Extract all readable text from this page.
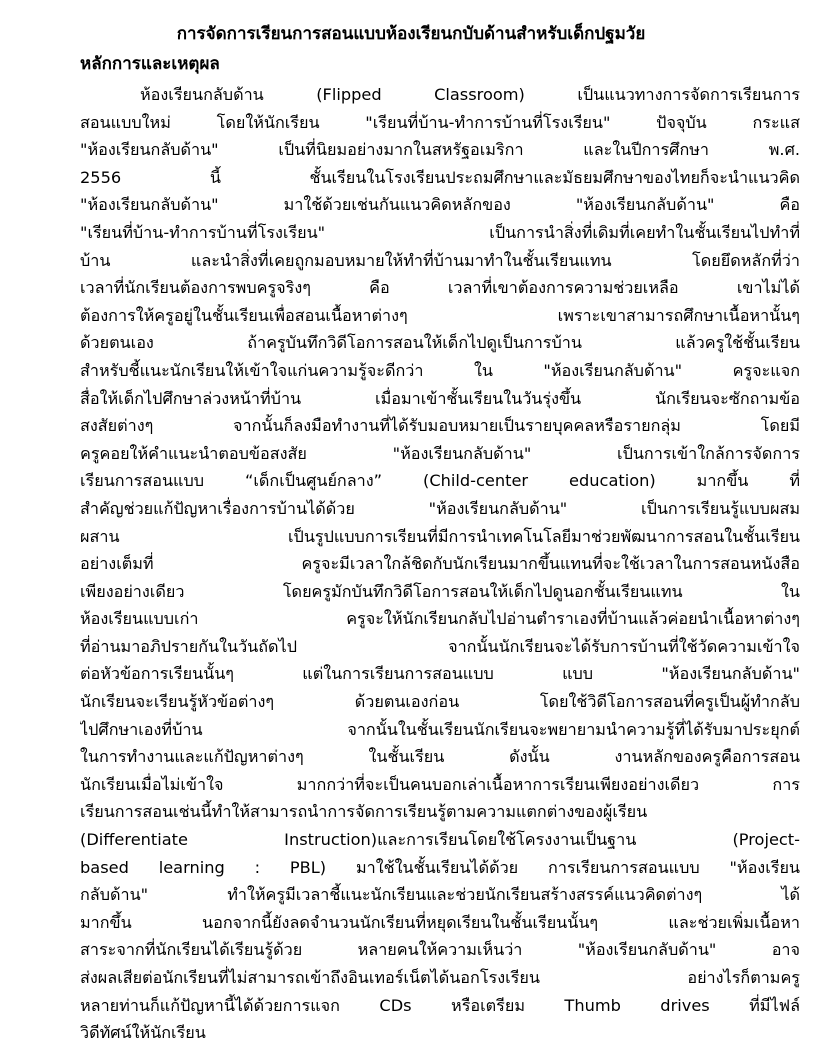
การจัดการเรียนการสอนแบบห้องเรียนกบับด้านสำหรับเด็กปฐมวัย
หลักการและเหตุผล
ห้องเรียนกลับด้าน (Flipped Classroom) เป็นแนวทางการจัดการเรียนการ
สอนแบบใหม่ โดยให้นักเรียน "เรียนที่บ้าน-ทำการบ้านที่โรงเรียน" ปัจจุบัน กระแส
"ห้องเรียนกลับด้าน" เป็นที่นิยมอย่างมากในสหรัฐอเมริกา และในปีการศึกษา พ.ศ.
2556 นี้ ชั้นเรียนในโรงเรียนประถมศึกษาและมัธยมศึกษาของไทยก็จะนำแนวคิด
"ห้องเรียนกลับด้าน" มาใช้ด้วยเช่นกันแนวคิดหลักของ "ห้องเรียนกลับด้าน" คือ
"เรียนที่บ้าน-ทำการบ้านที่โรงเรียน" เป็นการนำสิ่งที่เดิมที่เคยทำในชั้นเรียนไปทำที่
บ้าน และนำสิ่งที่เคยถูกมอบหมายให้ทำที่บ้านมาทำในชั้นเรียนแทน โดยยึดหลักที่ว่า
เวลาที่นักเรียนต้องการพบครูจริงๆ คือ เวลาที่เขาต้องการความช่วยเหลือ เขาไม่ได้
ต้องการให้ครูอยู่ในชั้นเรียนเพื่อสอนเนื้อหาต่างๆ เพราะเขาสามารถศึกษาเนื้อหานั้นๆ
ด้วยตนเอง ถ้าครูบันทึกวิดีโอการสอนให้เด็กไปดูเป็นการบ้าน แล้วครูใช้ชั้นเรียน
สำหรับชี้แนะนักเรียนให้เข้าใจแก่นความรู้จะดีกว่า ใน "ห้องเรียนกลับด้าน" ครูจะแจก
สื่อให้เด็กไปศึกษาล่วงหน้าที่บ้าน เมื่อมาเข้าชั้นเรียนในวันรุ่งขึ้น นักเรียนจะซักถามข้อ
สงสัยต่างๆ จากนั้นก็ลงมือทำงานที่ได้รับมอบหมายเป็นรายบุคคลหรือรายกลุ่ม โดยมี
ครูคอยให้คำแนะนำตอบข้อสงสัย "ห้องเรียนกลับด้าน" เป็นการเข้าใกล้การจัดการ
เรียนการสอนแบบ “เด็กเป็นศูนย์กลาง” (Child-center education) มากขึ้น ที่
สำคัญช่วยแก้ปัญหาเรื่องการบ้านได้ด้วย "ห้องเรียนกลับด้าน" เป็นการเรียนรู้แบบผสม
ผสาน เป็นรูปแบบการเรียนที่มีการนำเทคโนโลยีมาช่วยพัฒนาการสอนในชั้นเรียน
อย่างเต็มที่ ครูจะมีเวลาใกล้ชิดกับนักเรียนมากขึ้นแทนที่จะใช้เวลาในการสอนหนังสือ
เพียงอย่างเดียว โดยครูมักบันทึกวิดีโอการสอนให้เด็กไปดูนอกชั้นเรียนแทน ใน
ห้องเรียนแบบเก่า ครูจะให้นักเรียนกลับไปอ่านตำราเองที่บ้านแล้วค่อยนำเนื้อหาต่างๆ
ที่อ่านมาอภิปรายกันในวันถัดไป จากนั้นนักเรียนจะได้รับการบ้านที่ใช้วัดความเข้าใจ
ต่อหัวข้อการเรียนนั้นๆ แต่ในการเรียนการสอนแบบ แบบ "ห้องเรียนกลับด้าน"
นักเรียนจะเรียนรู้หัวข้อต่างๆ ด้วยตนเองก่อน โดยใช้วิดีโอการสอนที่ครูเป็นผู้ทำกลับ
ไปศึกษาเองที่บ้าน จากนั้นในชั้นเรียนนักเรียนจะพยายามนำความรู้ที่ได้รับมาประยุกต์
ในการทำงานและแก้ปัญหาต่างๆ ในชั้นเรียน ดังนั้น งานหลักของครูคือการสอน
นักเรียนเมื่อไม่เข้าใจ มากกว่าที่จะเป็นคนบอกเล่าเนื้อหาการเรียนเพียงอย่างเดียว การ
เรียนการสอนเช่นนี้ทำให้สามารถนำการจัดการเรียนรู้ตามความแตกต่างของผู้เรียน
(Differentiate Instruction)และการเรียนโดยใช้โครงงานเป็นฐาน (Project-
based learning : PBL) มาใช้ในชั้นเรียนได้ด้วย การเรียนการสอนแบบ "ห้องเรียน
กลับด้าน" ทำให้ครูมีเวลาชี้แนะนักเรียนและช่วยนักเรียนสร้างสรรค์แนวคิดต่างๆ ได้
มากขึ้น นอกจากนี้ยังลดจำนวนนักเรียนที่หยุดเรียนในชั้นเรียนนั้นๆ และช่วยเพิ่มเนื้อหา
สาระจากที่นักเรียนได้เรียนรู้ด้วย หลายคนให้ความเห็นว่า "ห้องเรียนกลับด้าน" อาจ
ส่งผลเสียต่อนักเรียนที่ไม่สามารถเข้าถึงอินเทอร์เน็ตได้นอกโรงเรียน อย่างไรก็ตามครู
หลายท่านก็แก้ปัญหานี้ได้ด้วยการแจก CDs หรือเตรียม Thumb drives ที่มีไฟล์
วิดีทัศน์ให้นักเรียน
